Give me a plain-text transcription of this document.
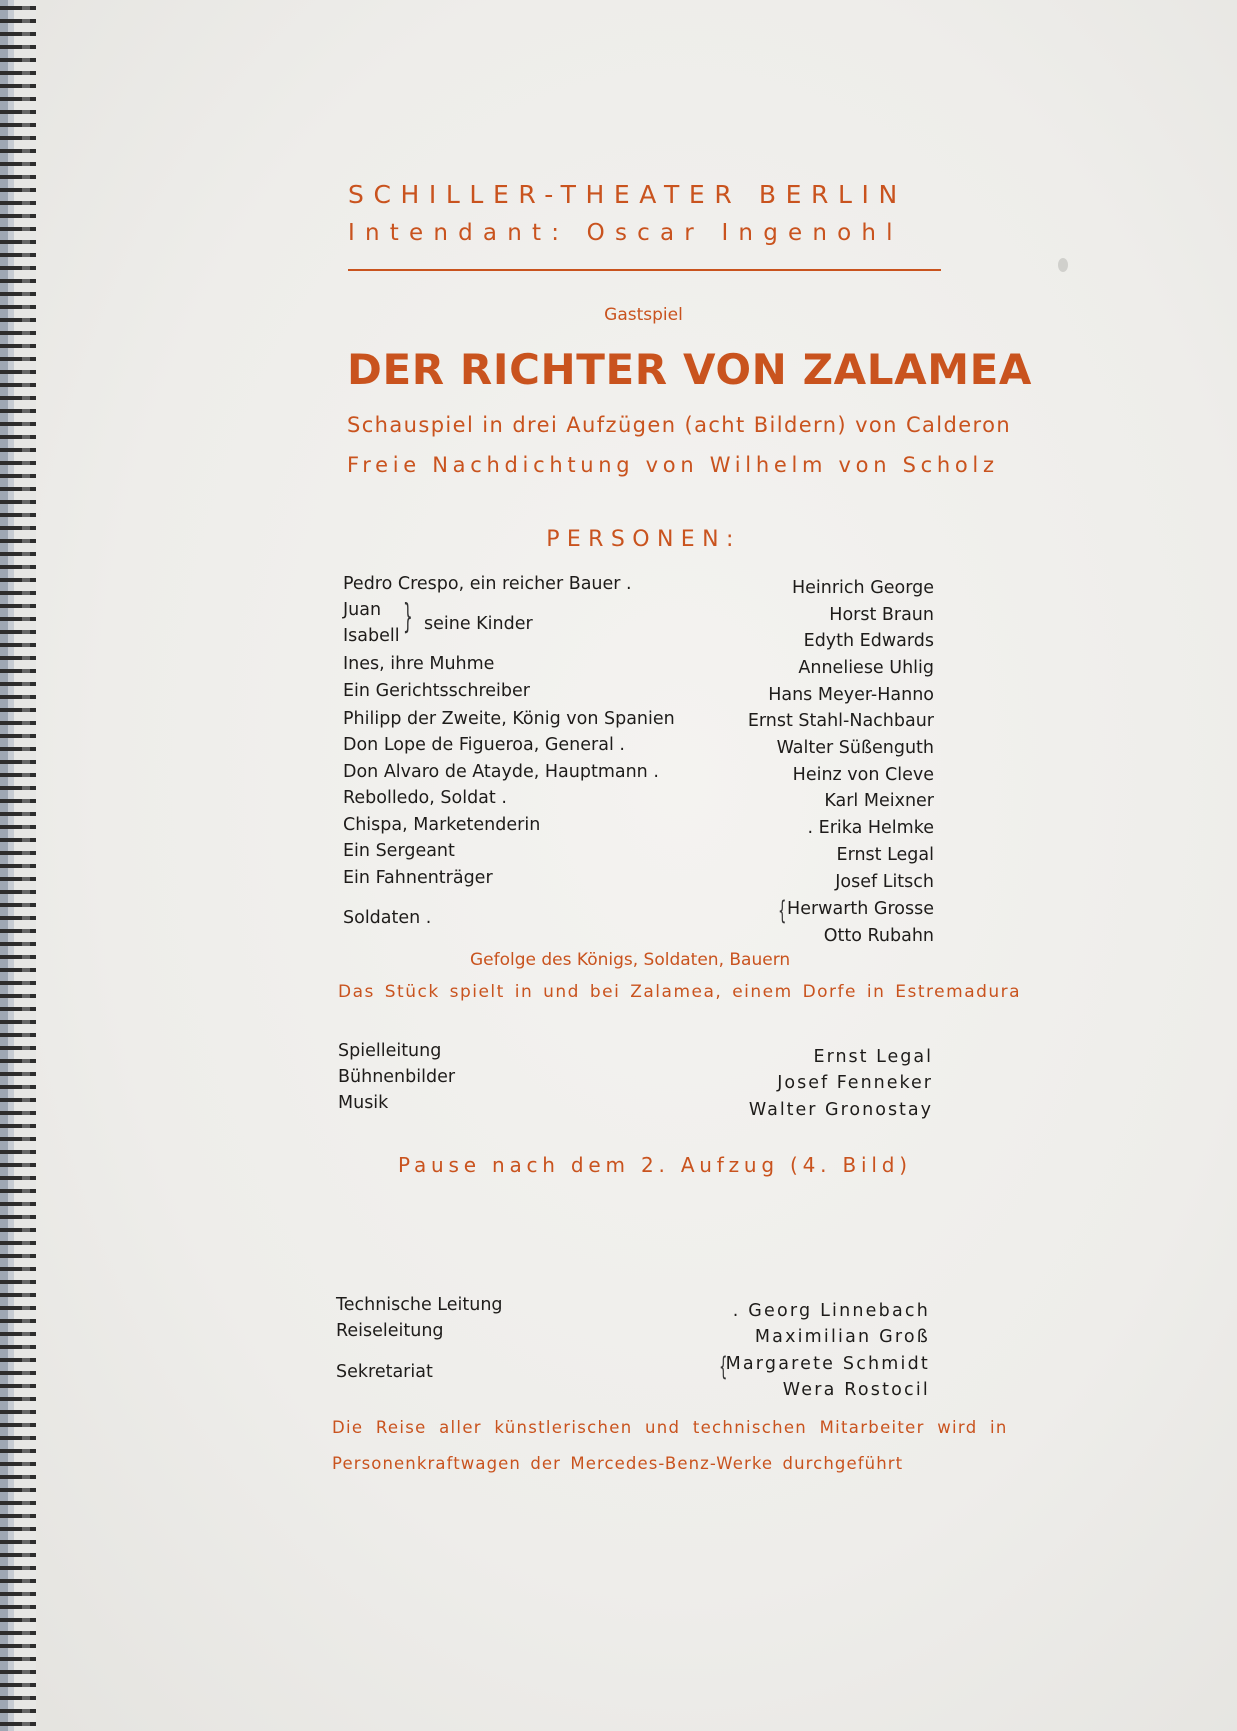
SCHILLER-THEATER BERLIN
Intendant: Oscar Ingenohl
Gastspiel
DER RICHTER VON ZALAMEA
Schauspiel in drei Aufzügen (acht Bildern) von Calderon
Freie Nachdichtung von Wilhelm von Scholz
PERSONEN:
Pedro Crespo, ein reicher Bauer .
Juan
Isabell } seine Kinder
Ines, ihre Muhme
Ein Gerichtsschreiber
Philipp der Zweite, König von Spanien
Don Lope de Figueroa, General .
Don Alvaro de Atayde, Hauptmann .
Rebolledo, Soldat .
Chispa, Marketenderin
Ein Sergeant
Ein Fahnenträger
Soldaten .
Heinrich George
Horst Braun
Edyth Edwards
Anneliese Uhlig
Hans Meyer-Hanno
Ernst Stahl-Nachbaur
Walter Süßenguth
Heinz von Cleve
Karl Meixner
. Erika Helmke
Ernst Legal
Josef Litsch
{ Herwarth Grosse
Otto Rubahn
Gefolge des Königs, Soldaten, Bauern
Das Stück spielt in und bei Zalamea, einem Dorfe in Estremadura
Spielleitung
Bühnenbilder
Musik
Ernst Legal
Josef Fenneker
Walter Gronostay
Pause nach dem 2. Aufzug (4. Bild)
Technische Leitung
Reiseleitung
Sekretariat
. Georg Linnebach
Maximilian Groß
{
Margarete Schmidt
Wera Rostocil
Die Reise aller künstlerischen und technischen Mitarbeiter wird in
Personenkraftwagen der Mercedes-Benz-Werke durchgeführt
